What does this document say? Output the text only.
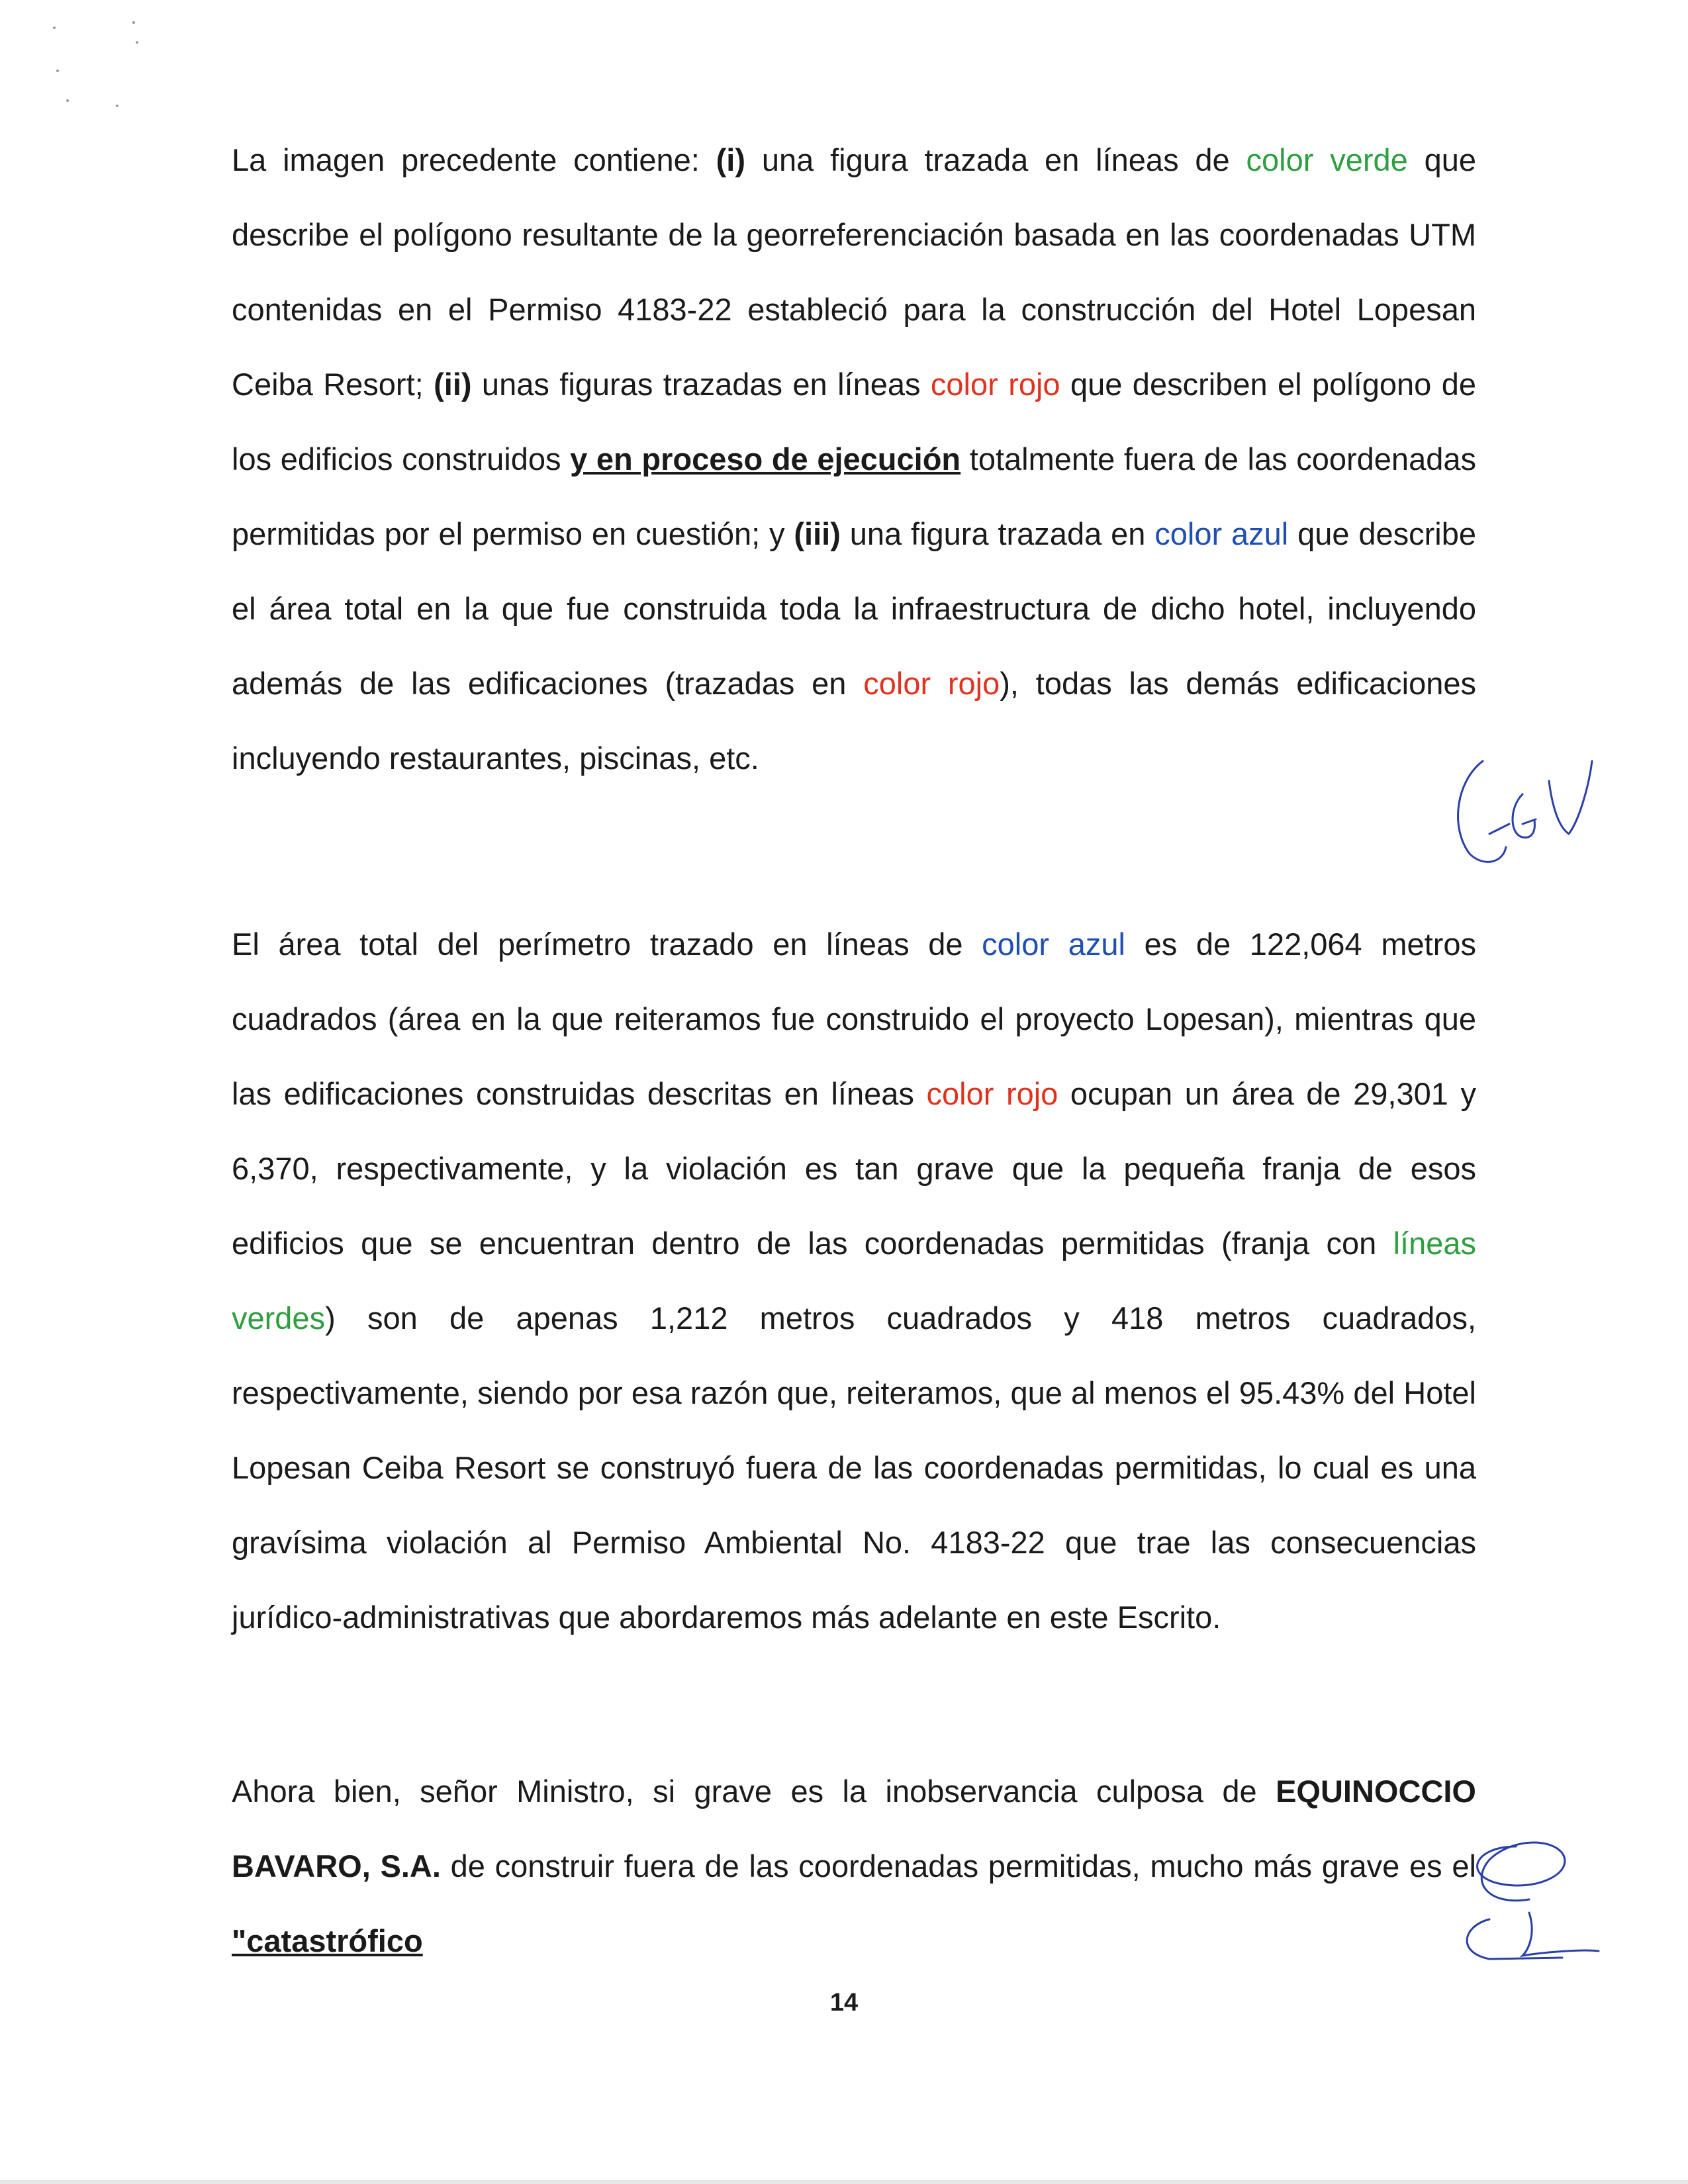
La imagen precedente contiene: (i) una figura trazada en líneas de color verde que describe el polígono resultante de la georreferenciación basada en las coordenadas UTM contenidas en el Permiso 4183-22 estableció para la construcción del Hotel Lopesan Ceiba Resort; (ii) unas figuras trazadas en líneas color rojo que describen el polígono de los edificios construidos y en proceso de ejecución totalmente fuera de las coordenadas permitidas por el permiso en cuestión; y (iii) una figura trazada en color azul que describe el área total en la que fue construida toda la infraestructura de dicho hotel, incluyendo además de las edificaciones (trazadas en color rojo), todas las demás edificaciones incluyendo restaurantes, piscinas, etc.

El área total del perímetro trazado en líneas de color azul es de 122,064 metros cuadrados (área en la que reiteramos fue construido el proyecto Lopesan), mientras que las edificaciones construidas descritas en líneas color rojo ocupan un área de 29,301 y 6,370, respectivamente, y la violación es tan grave que la pequeña franja de esos edificios que se encuentran dentro de las coordenadas permitidas (franja con líneas verdes) son de apenas 1,212 metros cuadrados y 418 metros cuadrados, respectivamente, siendo por esa razón que, reiteramos, que al menos el 95.43% del Hotel Lopesan Ceiba Resort se construyó fuera de las coordenadas permitidas, lo cual es una gravísima violación al Permiso Ambiental No. 4183-22 que trae las consecuencias jurídico-administrativas que abordaremos más adelante en este Escrito.

Ahora bien, señor Ministro, si grave es la inobservancia culposa de EQUINOCCIO BAVARO, S.A. de construir fuera de las coordenadas permitidas, mucho más grave es el "catastrófico

14
